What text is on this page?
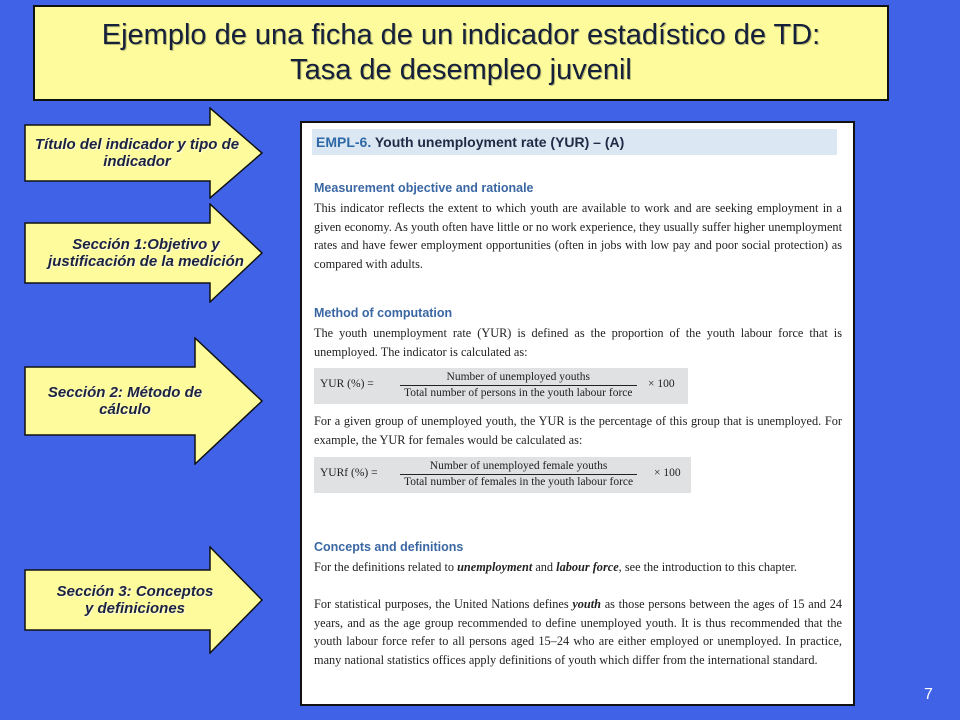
Ejemplo de una ficha de un indicador estadístico de TD:
Tasa de desempleo juvenil
Título del indicador y tipo de
indicador
Sección 1:Objetivo y
justificación de la medición
Sección 2: Método de
cálculo
Sección 3: Conceptos
y definiciones
EMPL-6. Youth unemployment rate (YUR) – (A)
Measurement objective and rationale
This indicator reflects the extent to which youth are available to work and are seeking employment in a given economy. As youth often have little or no work experience, they usually suffer higher unemployment rates and have fewer employment opportunities (often in jobs with low pay and poor social protection) as compared with adults.
Method of computation
The youth unemployment rate (YUR) is defined as the proportion of the youth labour force that is unemployed. The indicator is calculated as:
YUR (%) =
Number of unemployed youths
Total number of persons in the youth labour force
× 100
For a given group of unemployed youth, the YUR is the percentage of this group that is unemployed. For example, the YUR for females would be calculated as:
YURf (%) =
Number of unemployed female youths
Total number of females in the youth labour force
× 100
Concepts and definitions
For the definitions related to unemployment and labour force, see the introduction to this chapter.
For statistical purposes, the United Nations defines youth as those persons between the ages of 15 and 24 years, and as the age group recommended to define unemployed youth. It is thus recommended that the youth labour force refer to all persons aged 15–24 who are either employed or unemployed. In practice, many national statistics offices apply definitions of youth which differ from the international standard.
7
